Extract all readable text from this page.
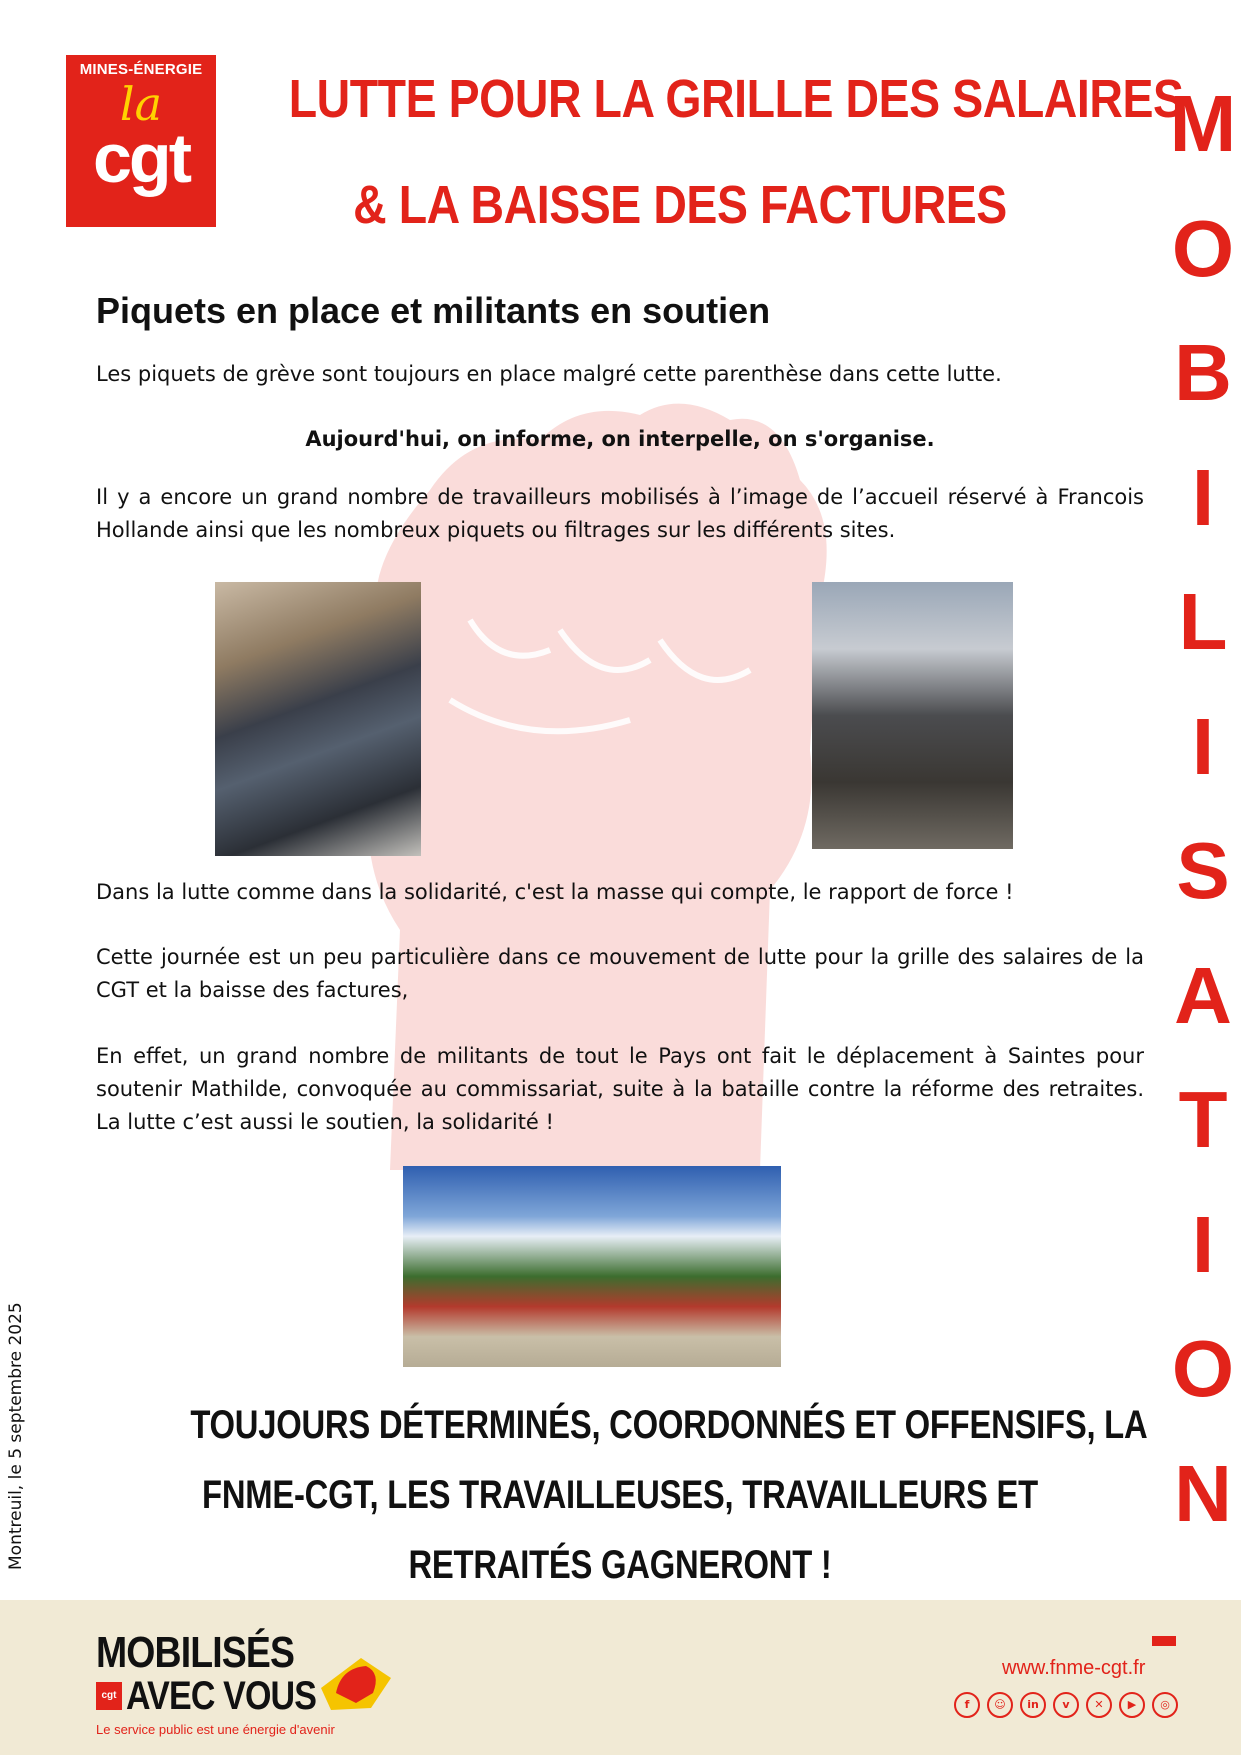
MINES-ÉNERGIE
la
cgt
LUTTE POUR LA GRILLE DES SALAIRES
& LA BAISSE DES FACTURES
M
O
B
I
L
I
S
A
T
I
O
N
Piquets en place et militants en soutien

Les piquets de grève sont toujours en place malgré cette parenthèse dans cette lutte.

Aujourd'hui, on informe, on interpelle, on s'organise.

Il y a encore un grand nombre de travailleurs mobilisés à l’image de l’accueil réservé à Francois Hollande ainsi que les nombreux piquets ou filtrages sur les différents sites.

Dans la lutte comme dans la solidarité, c'est la masse qui compte, le rapport de force !

Cette journée est un peu particulière dans ce mouvement de lutte pour la grille des salaires de la CGT et la baisse des factures,

En effet, un grand nombre de militants de tout le Pays ont fait le déplacement à Saintes pour soutenir Mathilde, convoquée au commissariat, suite à la bataille contre la réforme des retraites. La lutte c’est aussi le soutien, la solidarité !

TOUJOURS DÉTERMINÉS, COORDONNÉS ET OFFENSIFS, LA
FNME-CGT, LES TRAVAILLEUSES, TRAVAILLEURS ET
RETRAITÉS GAGNERONT !
Montreuil, le 5 septembre 2025
MOBILISÉS
cgt AVEC VOUS
Le service public est une énergie d'avenir
www.fnme-cgt.fr
f	☺	in	v	✕	▶	◎
